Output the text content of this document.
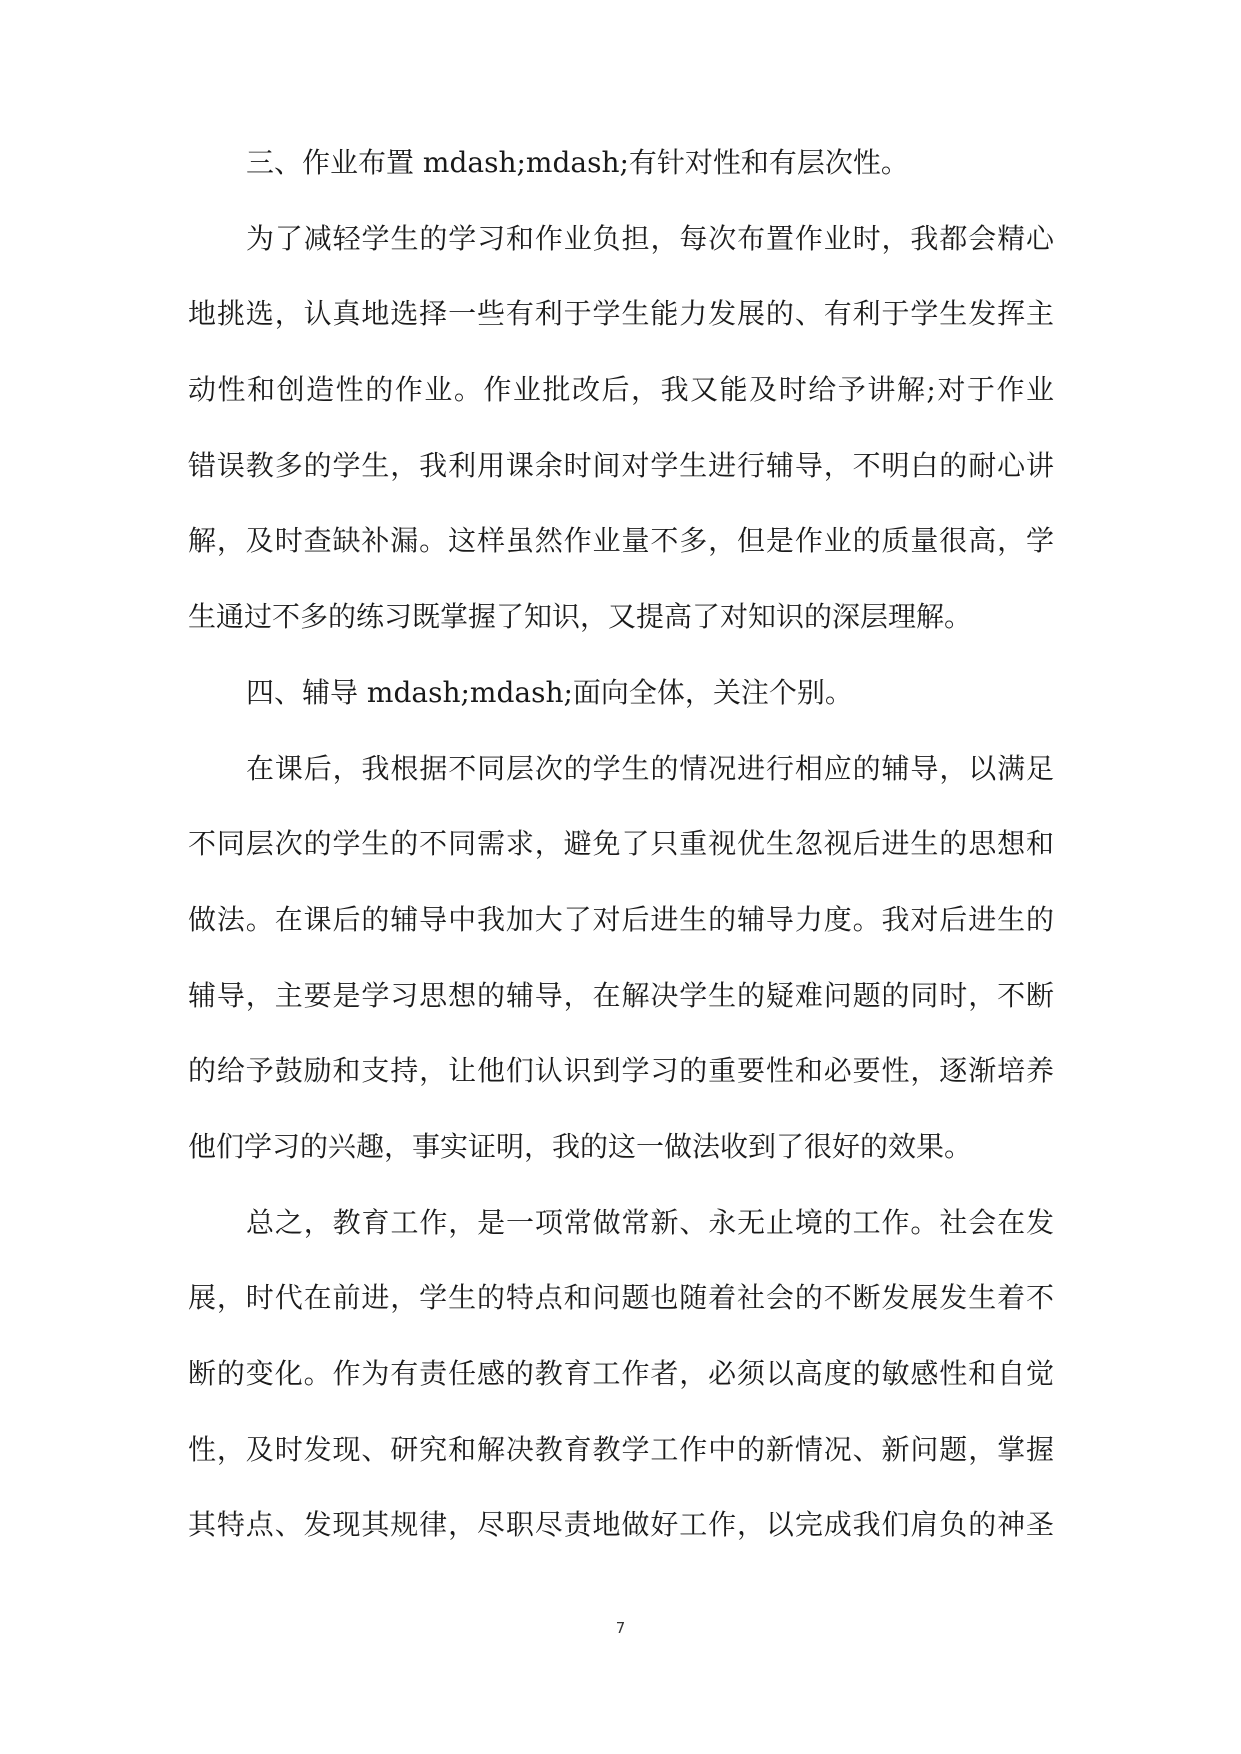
三、作业布置 mdash;mdash;有针对性和有层次性。
为了减轻学生的学习和作业负担，每次布置作业时，我都会精心
地挑选，认真地选择一些有利于学生能力发展的、有利于学生发挥主
动性和创造性的作业。作业批改后，我又能及时给予讲解;对于作业
错误教多的学生，我利用课余时间对学生进行辅导，不明白的耐心讲
解，及时查缺补漏。这样虽然作业量不多，但是作业的质量很高，学
生通过不多的练习既掌握了知识，又提高了对知识的深层理解。
四、辅导 mdash;mdash;面向全体，关注个别。
在课后，我根据不同层次的学生的情况进行相应的辅导，以满足
不同层次的学生的不同需求，避免了只重视优生忽视后进生的思想和
做法。在课后的辅导中我加大了对后进生的辅导力度。我对后进生的
辅导，主要是学习思想的辅导，在解决学生的疑难问题的同时，不断
的给予鼓励和支持，让他们认识到学习的重要性和必要性，逐渐培养
他们学习的兴趣，事实证明，我的这一做法收到了很好的效果。
总之，教育工作，是一项常做常新、永无止境的工作。社会在发
展，时代在前进，学生的特点和问题也随着社会的不断发展发生着不
断的变化。作为有责任感的教育工作者，必须以高度的敏感性和自觉
性，及时发现、研究和解决教育教学工作中的新情况、新问题，掌握
其特点、发现其规律，尽职尽责地做好工作，以完成我们肩负的神圣
7
